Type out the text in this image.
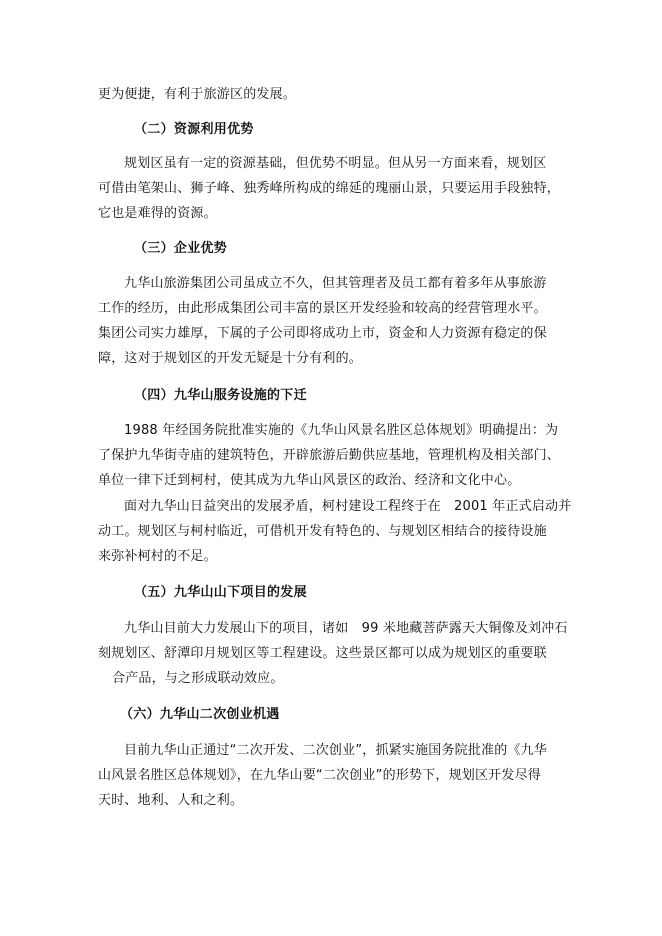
更为便捷，有利于旅游区的发展。
（二）资源利用优势
规划区虽有一定的资源基础，但优势不明显。但从另一方面来看，规划区
可借由笔架山、狮子峰、独秀峰所构成的绵延的瑰丽山景，只要运用手段独特，
它也是难得的资源。
（三）企业优势
九华山旅游集团公司虽成立不久，但其管理者及员工都有着多年从事旅游
工作的经历，由此形成集团公司丰富的景区开发经验和较高的经营管理水平。
集团公司实力雄厚，下属的子公司即将成功上市，资金和人力资源有稳定的保
障，这对于规划区的开发无疑是十分有利的。
（四）九华山服务设施的下迁
1988 年经国务院批准实施的《九华山风景名胜区总体规划》明确提出：为
了保护九华街寺庙的建筑特色，开辟旅游后勤供应基地，管理机构及相关部门、
单位一律下迁到柯村，使其成为九华山风景区的政治、经济和文化中心。
面对九华山日益突出的发展矛盾，柯村建设工程终于在　2001 年正式启动并
动工。规划区与柯村临近，可借机开发有特色的、与规划区相结合的接待设施
来弥补柯村的不足。
（五）九华山山下项目的发展
九华山目前大力发展山下的项目，诸如　99 米地藏菩萨露天大铜像及刘冲石
刻规划区、舒潭印月规划区等工程建设。这些景区都可以成为规划区的重要联
合产品，与之形成联动效应。
（六）九华山二次创业机遇
目前九华山正通过“二次开发、二次创业”，抓紧实施国务院批准的《九华
山风景名胜区总体规划》，在九华山要“二次创业”的形势下，规划区开发尽得
天时、地利、人和之利。
